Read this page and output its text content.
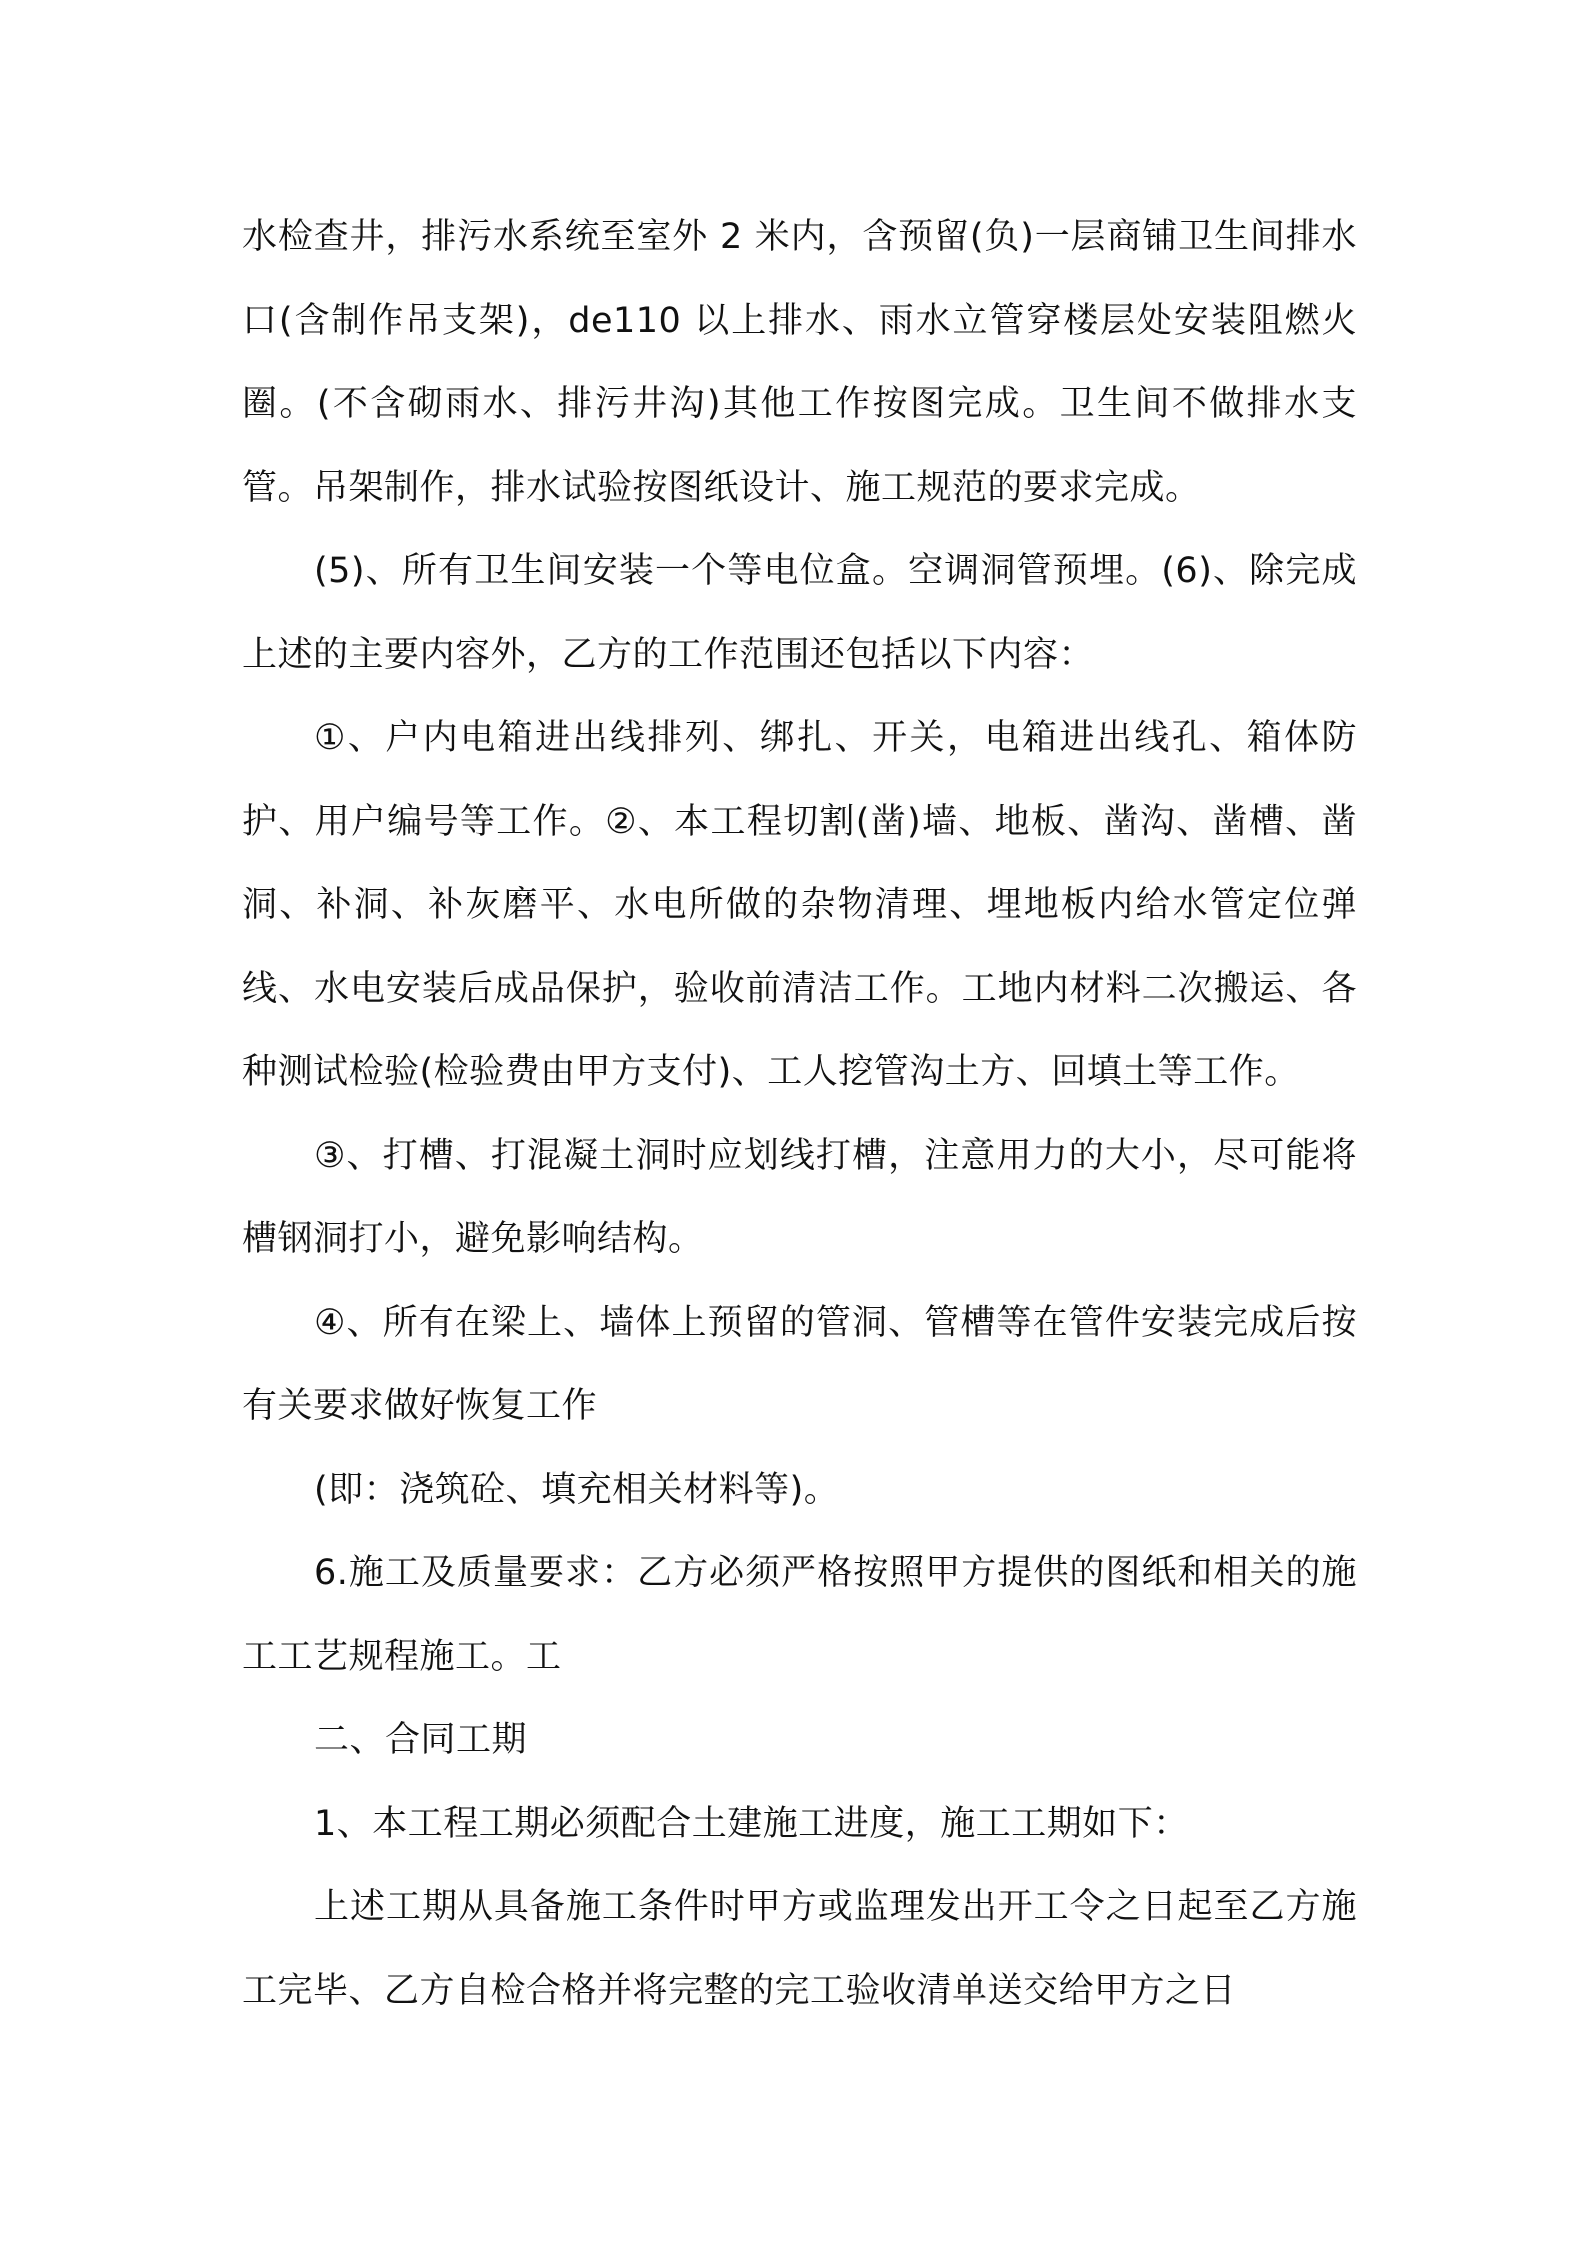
水检查井，排污水系统至室外 2 米内，含预留(负)一层商铺卫生间排水口(含制作吊支架)，de110 以上排水、雨水立管穿楼层处安装阻燃火圈。(不含砌雨水、排污井沟)其他工作按图完成。卫生间不做排水支管。吊架制作，排水试验按图纸设计、施工规范的要求完成。

(5)、所有卫生间安装一个等电位盒。空调洞管预埋。(6)、除完成上述的主要内容外，乙方的工作范围还包括以下内容：

①、户内电箱进出线排列、绑扎、开关，电箱进出线孔、箱体防护、用户编号等工作。②、本工程切割(凿)墙、地板、凿沟、凿槽、凿洞、补洞、补灰磨平、水电所做的杂物清理、埋地板内给水管定位弹线、水电安装后成品保护，验收前清洁工作。工地内材料二次搬运、各种测试检验(检验费由甲方支付)、工人挖管沟土方、回填土等工作。

③、打槽、打混凝土洞时应划线打槽，注意用力的大小，尽可能将槽钢洞打小，避免影响结构。

④、所有在梁上、墙体上预留的管洞、管槽等在管件安装完成后按有关要求做好恢复工作

(即：浇筑砼、填充相关材料等)。

6.施工及质量要求：乙方必须严格按照甲方提供的图纸和相关的施工工艺规程施工。工

二、合同工期

1、本工程工期必须配合土建施工进度，施工工期如下：

上述工期从具备施工条件时甲方或监理发出开工令之日起至乙方施工完毕、乙方自检合格并将完整的完工验收清单送交给甲方之日
